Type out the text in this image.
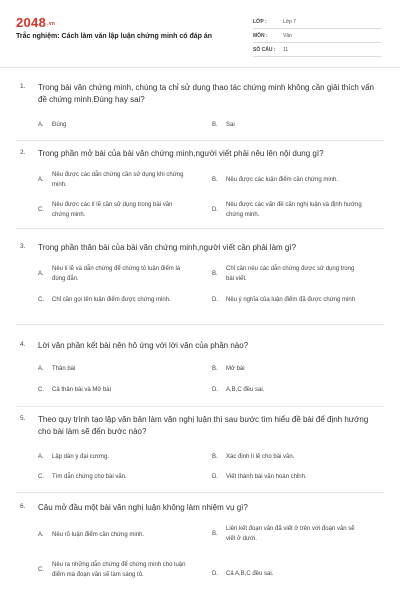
2048.vn
Trắc nghiệm: Cách làm văn lập luận chứng minh có đáp án
LỚP :	Lớp 7
MÔN :	Văn
SỐ CÂU :	11
1. Trong bài văn chứng minh, chúng ta chỉ sử dụng thao tác chứng minh không cần giải thích vấn đề chứng minh.Đúng hay sai?
A.	Đúng	B.	Sai
2. Trong phần mở bài của bài văn chứng minh,người viết phải nêu lên nội dung gì?
A.
Nêu được các dẫn chứng cần sử dụng khi chứng minh.
B.	Nêu được các luận điểm cần chứng minh.
C.
Nêu được các lí lẽ cần sử dụng trong bài văn chứng minh.
D.
Nêu được các vấn đề cần nghị luận và định hướng chứng minh.
3. Trong phần thân bài của bài văn chứng minh,người viết cần phải làm gì?
A.
Nêu lí lẽ và dẫn chứng để chứng tỏ luận điểm là đúng đắn.
B.
Chỉ cần nêu các dẫn chứng được sử dụng trong bài viết.
C.	Chỉ cần gọi tên luận điểm được chứng minh.	D.	Nêu ý nghĩa của luận điểm đã được chứng minh
4. Lời văn phần kết bài nên hô ứng với lời văn của phần nào?
A.	Thân bài	B.	Mở bài
C.	Cả thân bài và Mở bài	D.	A,B,C đều sai.
5. Theo quy trình tạo lập văn bản làm văn nghị luận thì sau bước tìm hiểu đề bài để định hướng cho bài làm sẽ đến bước nào?
A.	Lập dàn ý đại cương.	B.	Xác định lí lẽ cho bài văn.
C.	Tìm dẫn chứng cho bài văn.	D.	Viết thành bài văn hoàn chỉnh.
6. Câu mở đầu một bài văn nghị luận không làm nhiệm vụ gì?
A.	Nêu rõ luận điểm cần chứng minh.	B.
Liên kết đoạn văn đã viết ở trên với đoạn văn sẽ viết ở dưới.
C.
Nêu ra những dẫn chứng để chứng minh cho luận điểm mà đoạn văn sẽ làm sáng tỏ.	D.	Cả A,B,C đều sai.
